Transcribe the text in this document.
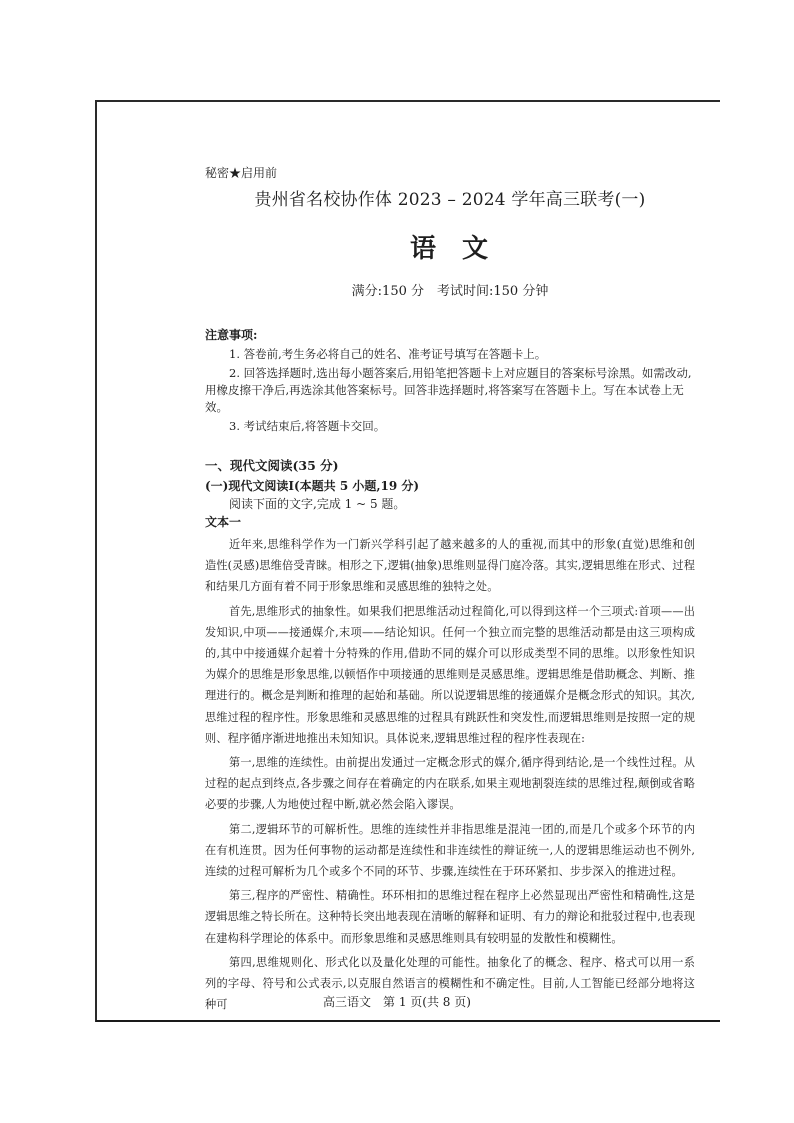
秘密★启用前

贵州省名校协作体 2023 – 2024 学年高三联考(一)

语文

满分:150 分　考试时间:150 分钟

注意事项:

1. 答卷前,考生务必将自己的姓名、准考证号填写在答题卡上。

2. 回答选择题时,选出每小题答案后,用铅笔把答题卡上对应题目的答案标号涂黑。如需改动,用橡皮擦干净后,再选涂其他答案标号。回答非选择题时,将答案写在答题卡上。写在本试卷上无效。

3. 考试结束后,将答题卡交回。

一、现代文阅读(35 分)

(一)现代文阅读Ⅰ(本题共 5 小题,19 分)

阅读下面的文字,完成 1 ~ 5 题。

文本一

近年来,思维科学作为一门新兴学科引起了越来越多的人的重视,而其中的形象(直觉)思维和创造性(灵感)思维倍受青睐。相形之下,逻辑(抽象)思维则显得门庭冷落。其实,逻辑思维在形式、过程和结果几方面有着不同于形象思维和灵感思维的独特之处。

首先,思维形式的抽象性。如果我们把思维活动过程简化,可以得到这样一个三项式:首项——出发知识,中项——接通媒介,末项——结论知识。任何一个独立而完整的思维活动都是由这三项构成的,其中中接通媒介起着十分特殊的作用,借助不同的媒介可以形成类型不同的思维。以形象性知识为媒介的思维是形象思维,以顿悟作中项接通的思维则是灵感思维。逻辑思维是借助概念、判断、推理进行的。概念是判断和推理的起始和基础。所以说逻辑思维的接通媒介是概念形式的知识。其次,思维过程的程序性。形象思维和灵感思维的过程具有跳跃性和突发性,而逻辑思维则是按照一定的规则、程序循序渐进地推出未知知识。具体说来,逻辑思维过程的程序性表现在:

第一,思维的连续性。由前提出发通过一定概念形式的媒介,循序得到结论,是一个线性过程。从过程的起点到终点,各步骤之间存在着确定的内在联系,如果主观地割裂连续的思维过程,颠倒或省略必要的步骤,人为地使过程中断,就必然会陷入谬误。

第二,逻辑环节的可解析性。思维的连续性并非指思维是混沌一团的,而是几个或多个环节的内在有机连贯。因为任何事物的运动都是连续性和非连续性的辩证统一,人的逻辑思维运动也不例外,连续的过程可解析为几个或多个不同的环节、步骤,连续性在于环环紧扣、步步深入的推进过程。

第三,程序的严密性、精确性。环环相扣的思维过程在程序上必然显现出严密性和精确性,这是逻辑思维之特长所在。这种特长突出地表现在清晰的解释和证明、有力的辩论和批驳过程中,也表现在建构科学理论的体系中。而形象思维和灵感思维则具有较明显的发散性和模糊性。

第四,思维规则化、形式化以及量化处理的可能性。抽象化了的概念、程序、格式可以用一系列的字母、符号和公式表示,以克服自然语言的模糊性和不确定性。目前,人工智能已经部分地将这种可	高三语文　第 1 页(共 8 页)
